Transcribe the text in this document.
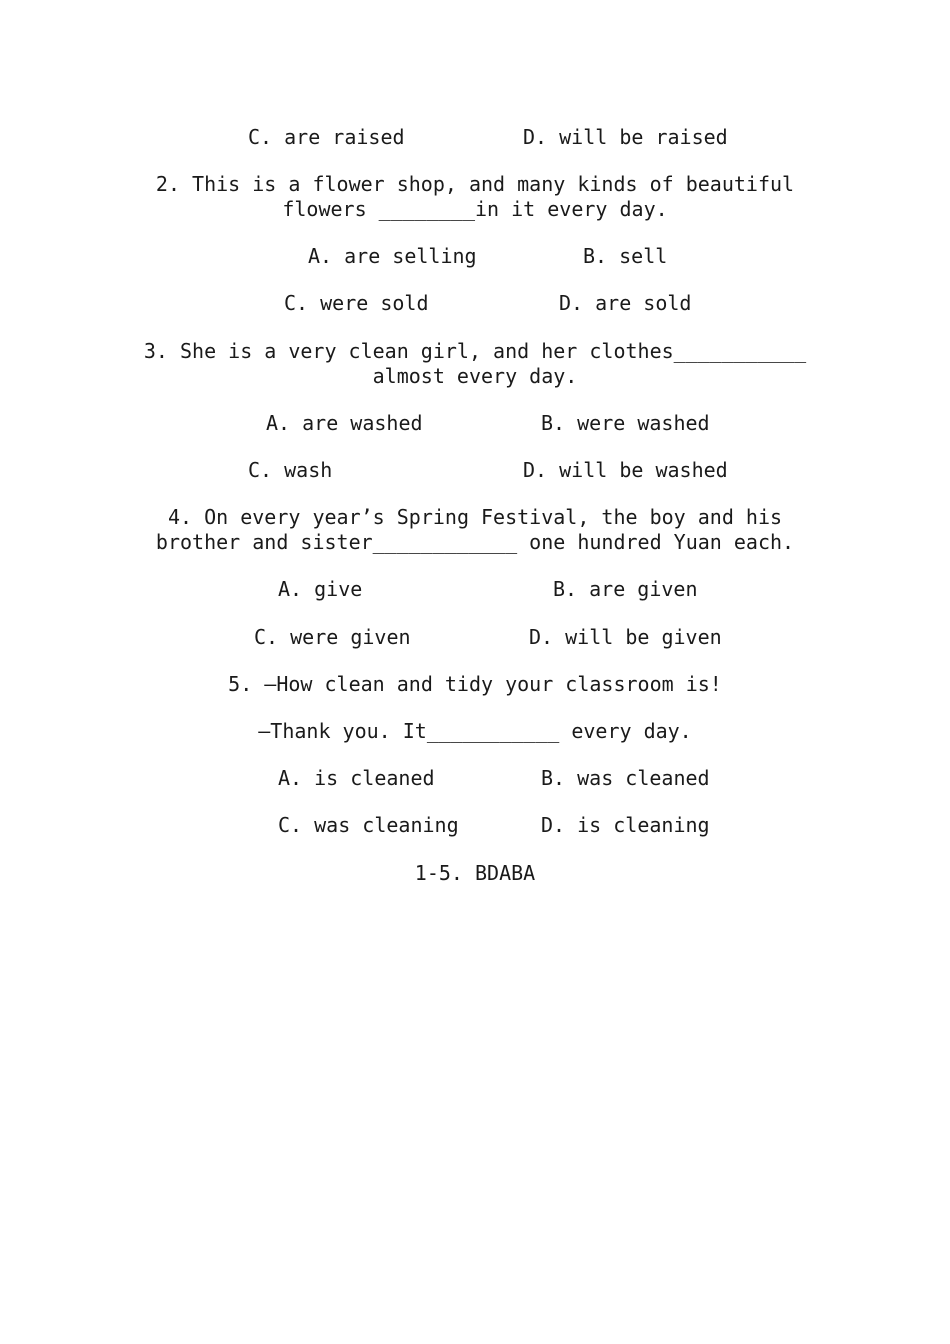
C. are raised

	D. will be raised

2. This is a flower shop, and many kinds of beautiful
flowers ________in it every day.

A. are selling

	B. sell

C. were sold

	D. are sold

3. She is a very clean girl, and her clothes___________
almost every day.

A. are washed

	B. were washed

C. wash

	D. will be washed

4. On every year’s Spring Festival, the boy and his
brother and sister____________ one hundred Yuan each.

A. give

	B. are given

C. were given

	D. will be given

5. —How clean and tidy your classroom is!
—Thank you. It___________ every day.

A. is cleaned

	B. was cleaned

C. was cleaning

	D. is cleaning

1-5. BDABA
